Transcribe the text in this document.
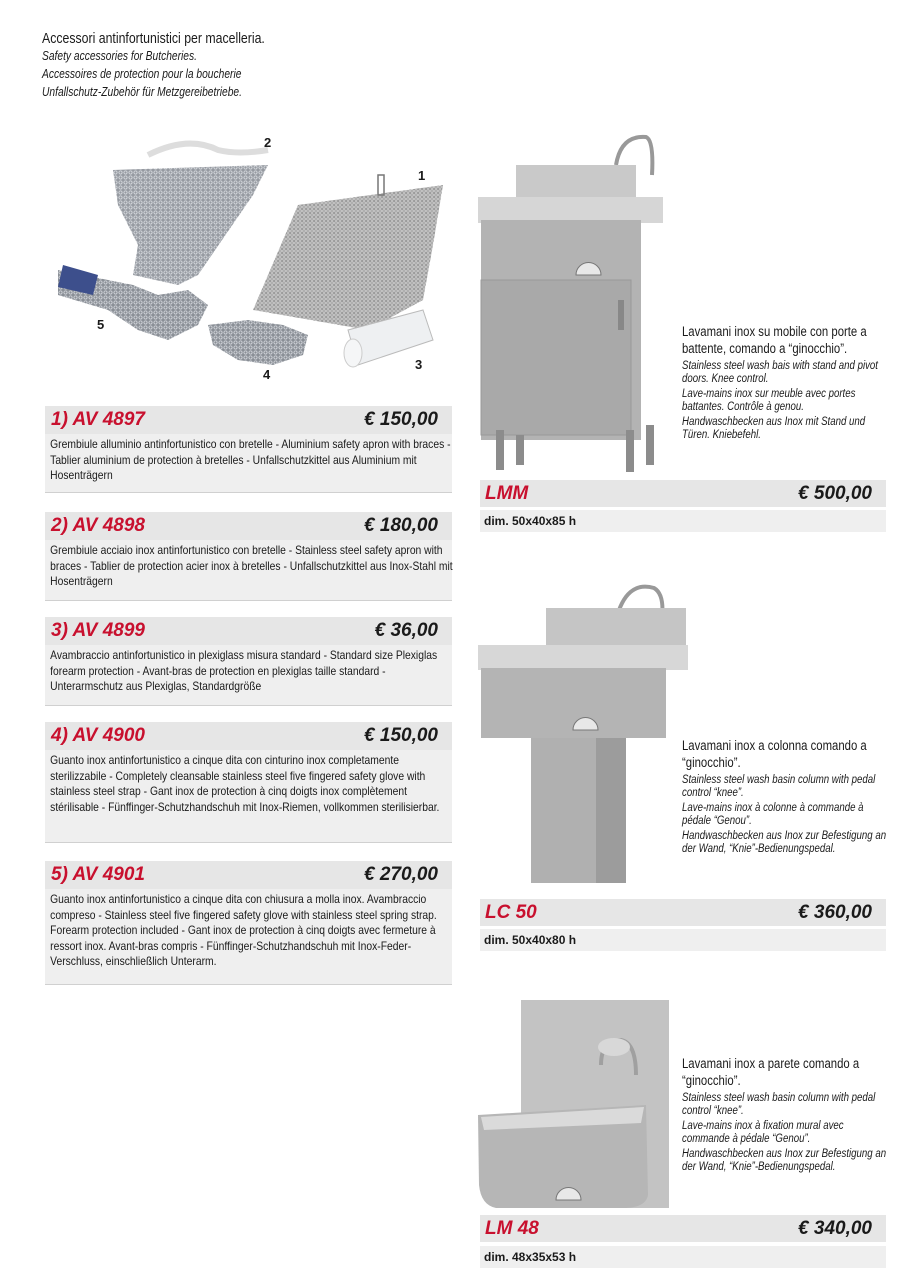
Accessori antinfortunistici per macelleria.
Safety accessories for Butcheries.
Accessoires de protection pour la boucherie
Unfallschutz-Zubehör für Metzgereibetriebe.
1
2
3
4
5
1) AV 4897	€ 150,00
Grembiule alluminio antinfortunistico con bretelle - Aluminium safety apron with braces - Tablier aluminium de protection à bretelles - Unfallschutzkittel aus Aluminium mit Hosenträgern
2) AV 4898	€ 180,00
Grembiule acciaio inox antinfortunistico con bretelle - Stainless steel safety apron with braces - Tablier de protection acier inox à bretelles - Unfallschutzkittel aus Inox-Stahl mit Hosenträgern
3) AV 4899	€ 36,00
Avambraccio antinfortunistico in plexiglass misura standard - Standard size Plexiglas forearm protection - Avant-bras de protection en plexiglas taille standard - Unterarmschutz aus Plexiglas, Standardgröße
4) AV 4900	€ 150,00
Guanto inox antinfortunistico a cinque dita con cinturino inox completamente sterilizzabile - Completely cleansable stainless steel five fingered safety glove with stainless steel strap - Gant inox de protection à cinq doigts inox complètement stérilisable - Fünffinger-Schutzhandschuh mit Inox-Riemen, vollkommen sterilisierbar.
5) AV 4901	€ 270,00
Guanto inox antinfortunistico a cinque dita con chiusura a molla inox. Avambraccio compreso - Stainless steel five fingered safety glove with stainless steel spring strap. Forearm protection included - Gant inox de protection à cinq doigts avec fermeture à ressort inox. Avant-bras compris - Fünffinger-Schutzhandschuh mit Inox-Feder-Verschluss, einschließlich Unterarm.
Lavamani inox su mobile con porte a battente, comando a “ginocchio”.
Stainless steel wash bais with stand and pivot doors. Knee control.
Lave-mains inox sur meuble avec portes battantes. Contrôle à genou.
Handwaschbecken aus Inox mit Stand und Türen. Kniebefehl.
LMM	€ 500,00
dim. 50x40x85 h
Lavamani inox a colonna comando a “ginocchio”.
Stainless steel wash basin column with pedal control “knee”.
Lave-mains inox à colonne à commande à pédale “Genou”.
Handwaschbecken aus Inox zur Befestigung an der Wand, “Knie”-Bedienungspedal.
LC 50	€ 360,00
dim. 50x40x80 h
Lavamani inox a parete comando a “ginocchio”.
Stainless steel wash basin column with pedal control “knee”.
Lave-mains inox à fixation mural avec commande à pédale “Genou”.
Handwaschbecken aus Inox zur Befestigung an der Wand, “Knie”-Bedienungspedal.
LM 48	€ 340,00
dim. 48x35x53 h
